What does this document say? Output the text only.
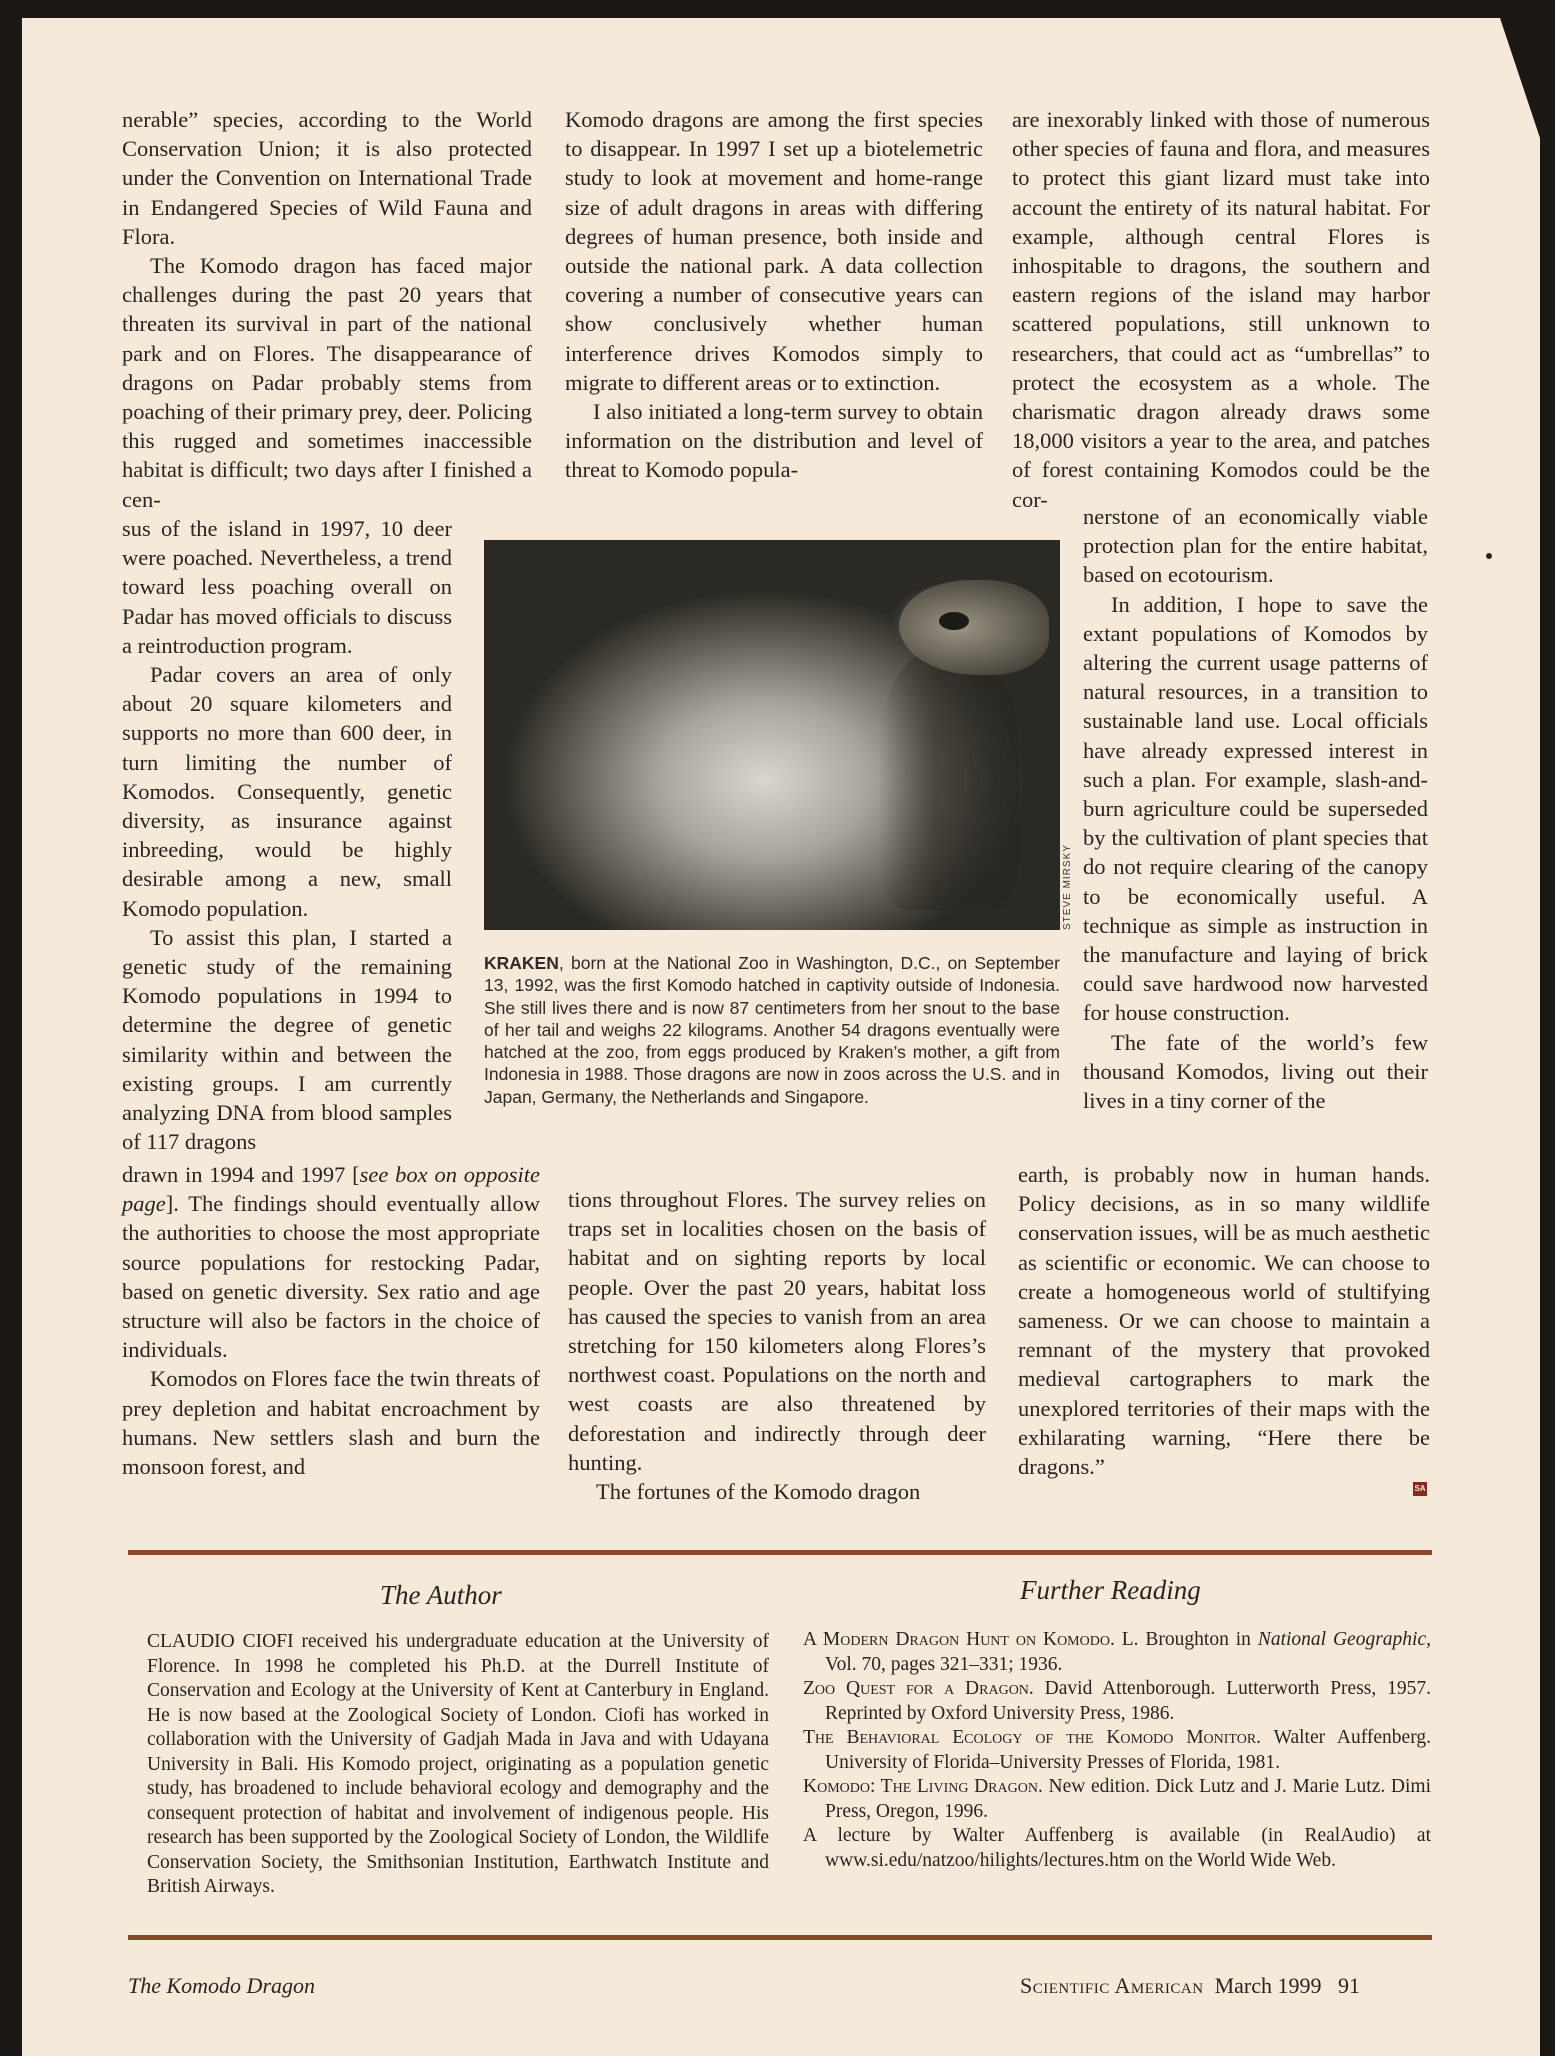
nerable” species, according to the World Conservation Union; it is also protected under the Convention on International Trade in Endangered Species of Wild Fauna and Flora.

The Komodo dragon has faced major challenges during the past 20 years that threaten its survival in part of the national park and on Flores. The disappearance of dragons on Padar probably stems from poaching of their primary prey, deer. Policing this rugged and sometimes inaccessible habitat is difficult; two days after I finished a cen-

sus of the island in 1997, 10 deer were poached. Nevertheless, a trend toward less poaching overall on Padar has moved officials to discuss a reintroduction program.

Padar covers an area of only about 20 square kilometers and supports no more than 600 deer, in turn limiting the number of Komodos. Consequently, genetic diversity, as insurance against inbreeding, would be highly desirable among a new, small Komodo population.

To assist this plan, I started a genetic study of the remaining Komodo populations in 1994 to determine the degree of genetic similarity within and between the existing groups. I am currently analyzing DNA from blood samples of 117 dragons

drawn in 1994 and 1997 [see box on opposite page]. The findings should eventually allow the authorities to choose the most appropriate source populations for restocking Padar, based on genetic diversity. Sex ratio and age structure will also be factors in the choice of individuals.

Komodos on Flores face the twin threats of prey depletion and habitat encroachment by humans. New settlers slash and burn the monsoon forest, and

Komodo dragons are among the first species to disappear. In 1997 I set up a biotelemetric study to look at movement and home-range size of adult dragons in areas with differing degrees of human presence, both inside and outside the national park. A data collection covering a number of consecutive years can show conclusively whether human interference drives Komodos simply to migrate to different areas or to extinction.

I also initiated a long-term survey to obtain information on the distribution and level of threat to Komodo popula-

tions throughout Flores. The survey relies on traps set in localities chosen on the basis of habitat and on sighting reports by local people. Over the past 20 years, habitat loss has caused the species to vanish from an area stretching for 150 kilometers along Flores’s northwest coast. Populations on the north and west coasts are also threatened by deforestation and indirectly through deer hunting.

The fortunes of the Komodo dragon

are inexorably linked with those of numerous other species of fauna and flora, and measures to protect this giant lizard must take into account the entirety of its natural habitat. For example, although central Flores is inhospitable to dragons, the southern and eastern regions of the island may harbor scattered populations, still unknown to researchers, that could act as “umbrellas” to protect the ecosystem as a whole. The charismatic dragon already draws some 18,000 visitors a year to the area, and patches of forest containing Komodos could be the cor-

nerstone of an economically viable protection plan for the entire habitat, based on ecotourism.

In addition, I hope to save the extant populations of Komodos by altering the current usage patterns of natural resources, in a transition to sustainable land use. Local officials have already expressed interest in such a plan. For example, slash-and-burn agriculture could be superseded by the cultivation of plant species that do not require clearing of the canopy to be economically useful. A technique as simple as instruction in the manufacture and laying of brick could save hardwood now harvested for house construction.

The fate of the world’s few thousand Komodos, living out their lives in a tiny corner of the

earth, is probably now in human hands. Policy decisions, as in so many wildlife conservation issues, will be as much aesthetic as scientific or economic. We can choose to create a homogeneous world of stultifying sameness. Or we can choose to maintain a remnant of the mystery that provoked medieval cartographers to mark the unexplored territories of their maps with the exhilarating warning, “Here there be dragons.”

SA
STEVE MIRSKY
KRAKEN, born at the National Zoo in Washington, D.C., on September 13, 1992, was the first Komodo hatched in captivity outside of Indonesia. She still lives there and is now 87 centimeters from her snout to the base of her tail and weighs 22 kilograms. Another 54 dragons eventually were hatched at the zoo, from eggs produced by Kraken’s mother, a gift from Indonesia in 1988. Those dragons are now in zoos across the U.S. and in Japan, Germany, the Netherlands and Singapore.
The Author
CLAUDIO CIOFI received his undergraduate education at the University of Florence. In 1998 he completed his Ph.D. at the Durrell Institute of Conservation and Ecology at the University of Kent at Canterbury in England. He is now based at the Zoological Society of London. Ciofi has worked in collaboration with the University of Gadjah Mada in Java and with Udayana University in Bali. His Komodo project, originating as a population genetic study, has broadened to include behavioral ecology and demography and the consequent protection of habitat and involvement of indigenous people. His research has been supported by the Zoological Society of London, the Wildlife Conservation Society, the Smithsonian Institution, Earthwatch Institute and British Airways.
Further Reading

A Modern Dragon Hunt on Komodo. L. Broughton in National Geographic, Vol. 70, pages 321–331; 1936.

Zoo Quest for a Dragon. David Attenborough. Lutterworth Press, 1957. Reprinted by Oxford University Press, 1986.

The Behavioral Ecology of the Komodo Monitor. Walter Auffenberg. University of Florida–University Presses of Florida, 1981.

Komodo: The Living Dragon. New edition. Dick Lutz and J. Marie Lutz. Dimi Press, Oregon, 1996.

A lecture by Walter Auffenberg is available (in RealAudio) at www.si.edu/natzoo/hilights/lectures.htm on the World Wide Web.

The Komodo Dragon	Scientific American March 1999 91
